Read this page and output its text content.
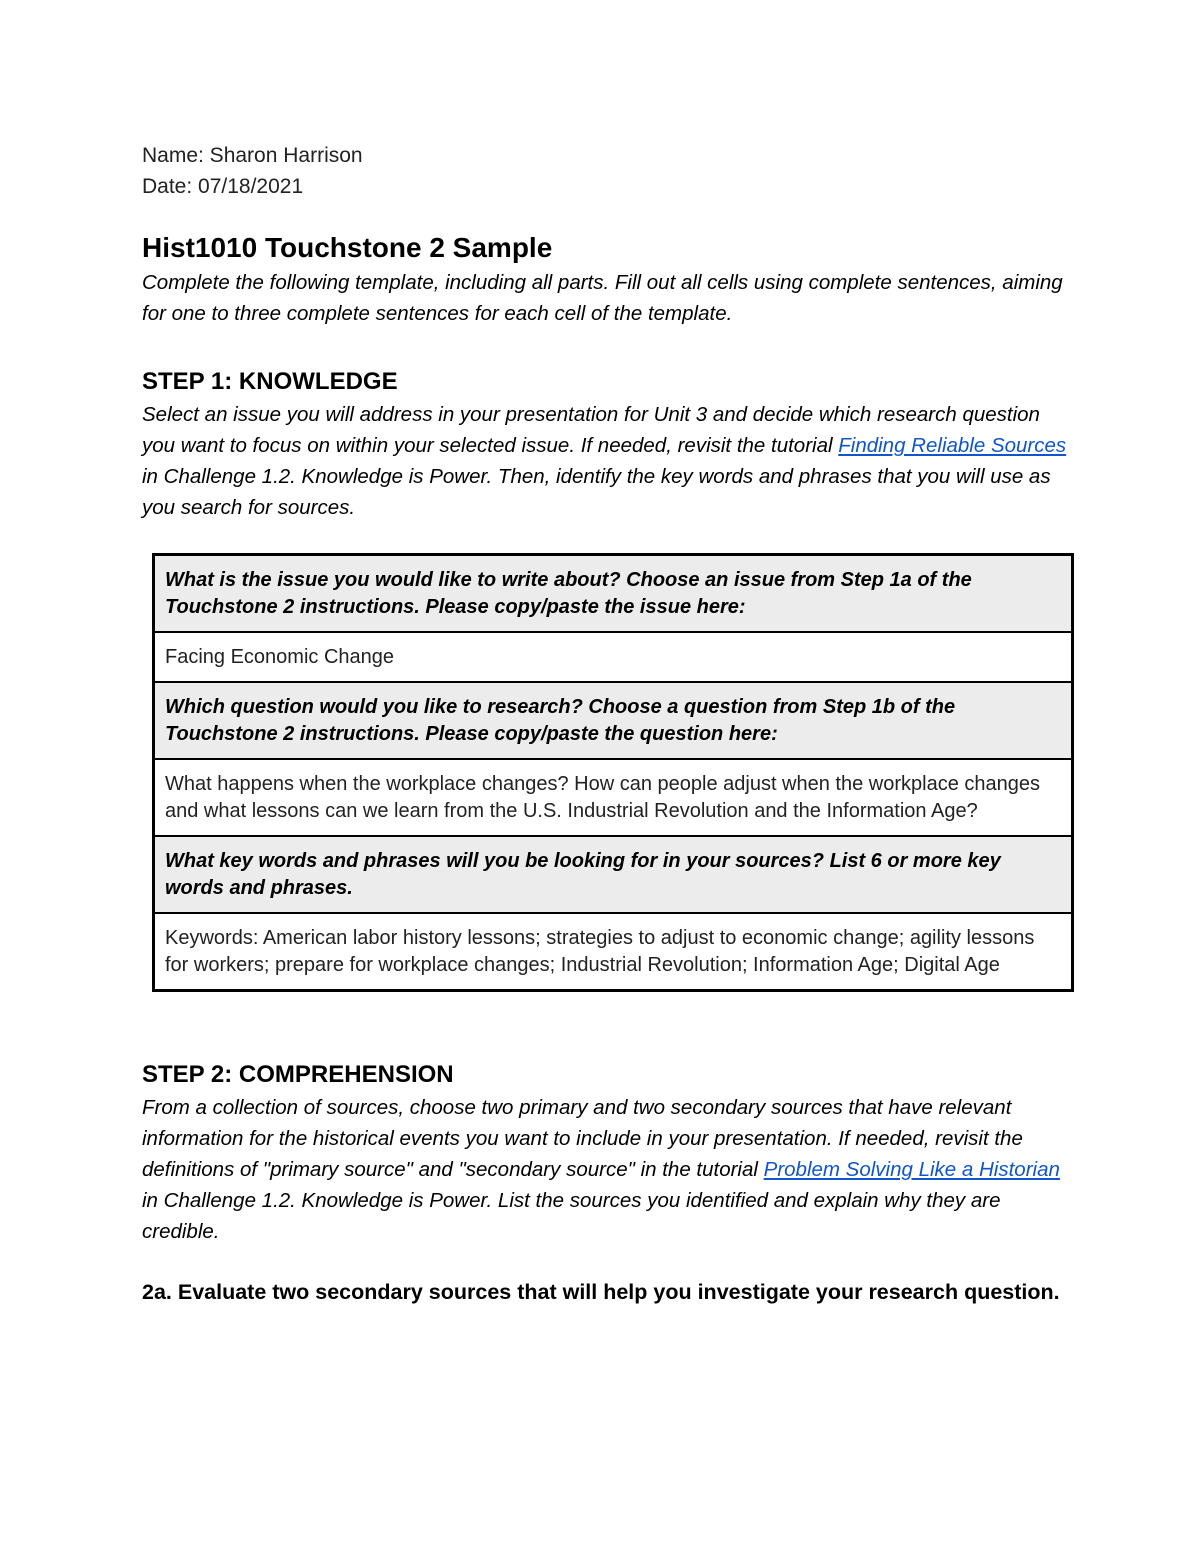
Name: Sharon Harrison

Date: 07/18/2021

Hist1010 Touchstone 2 Sample

Complete the following template, including all parts. Fill out all cells using complete sentences, aiming for one to three complete sentences for each cell of the template.

STEP 1: KNOWLEDGE

Select an issue you will address in your presentation for Unit 3 and decide which research question you want to focus on within your selected issue. If needed, revisit the tutorial Finding Reliable Sources in Challenge 1.2. Knowledge is Power. Then, identify the key words and phrases that you will use as you search for sources.

What is the issue you would like to write about? Choose an issue from Step 1a of the Touchstone 2 instructions. Please copy/paste the issue here:
Facing Economic Change
Which question would you like to research? Choose a question from Step 1b of the Touchstone 2 instructions. Please copy/paste the question here:
What happens when the workplace changes? How can people adjust when the workplace changes and what lessons can we learn from the U.S. Industrial Revolution and the Information Age?
What key words and phrases will you be looking for in your sources? List 6 or more key words and phrases.
Keywords: American labor history lessons; strategies to adjust to economic change; agility lessons for workers; prepare for workplace changes; Industrial Revolution; Information Age; Digital Age
STEP 2: COMPREHENSION

From a collection of sources, choose two primary and two secondary sources that have relevant information for the historical events you want to include in your presentation. If needed, revisit the definitions of "primary source" and "secondary source" in the tutorial Problem Solving Like a Historian in Challenge 1.2. Knowledge is Power. List the sources you identified and explain why they are credible.

2a. Evaluate two secondary sources that will help you investigate your research question.
